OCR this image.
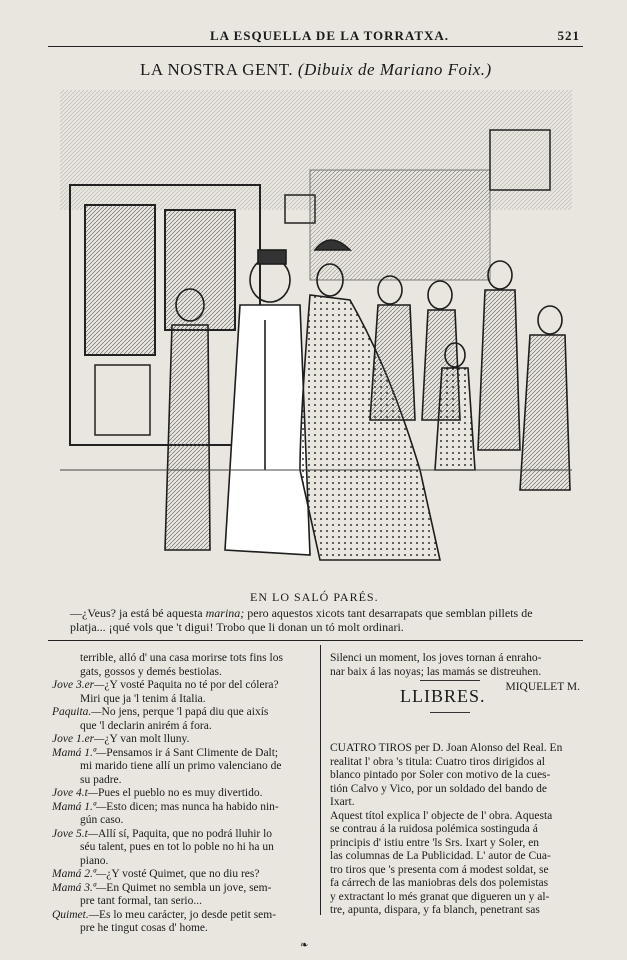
LA ESQUELLA DE LA TORRATXA.	521
LA NOSTRA GENT. (Dibuix de Mariano Foix.)
EN LO SALÓ PARÉS.
—¿Veus? ja está bé aquesta marina; pero aquestos xicots tant desarrapats que semblan pillets de
platja... ¡qué vols que 't digui! Trobo que li donan un tó molt ordinari.
terrible, alló d' una casa morirse tots fins los
gats, gossos y demés bestiolas.
Jove 3.er—¿Y vosté Paquita no té por del cólera?
Miri que ja 'l tenim á Italia.
Paquita.—No jens, perque 'l papá diu que aixís
que 'l declarin anirém á fora.
Jove 1.er—¿Y van molt lluny.
Mamá 1.ª—Pensamos ir á Sant Climente de Dalt;
mi marido tiene allí un primo valenciano de
su padre.
Jove 4.t—Pues el pueblo no es muy divertido.
Mamá 1.ª—Esto dicen; mas nunca ha habido nin-
gún caso.
Jove 5.t—Allí sí, Paquita, que no podrá lluhir lo
séu talent, pues en tot lo poble no hi ha un
piano.
Mamá 2.ª—¿Y vosté Quimet, que no diu res?
Mamá 3.ª—En Quimet no sembla un jove, sem-
pre tant formal, tan serio...
Quimet.—Es lo meu carácter, jo desde petit sem-
pre he tingut cosas d' home.
Silenci un moment, los joves tornan á enraho-
nar baix á las noyas; las mamás se distreuhen.
MIQUELET M.
LLIBRES.
CUATRO TIROS per D. Joan Alonso del Real. En
realitat l' obra 's titula: Cuatro tiros dirigidos al
blanco pintado por Soler con motivo de la cues-
tión Calvo y Vico, por un soldado del bando de
Ixart.
Aquest títol explica l' objecte de l' obra. Aquesta
se contrau á la ruidosa polémica sostinguda á
principis d' istiu entre 'ls Srs. Ixart y Soler, en
las columnas de La Publicidad. L' autor de Cua-
tro tiros que 's presenta com á modest soldat, se
fa cárrech de las maniobras dels dos polemistas
y extractant lo més granat que digueren un y al-
tre, apunta, dispara, y fa blanch, penetrant sas
❧
